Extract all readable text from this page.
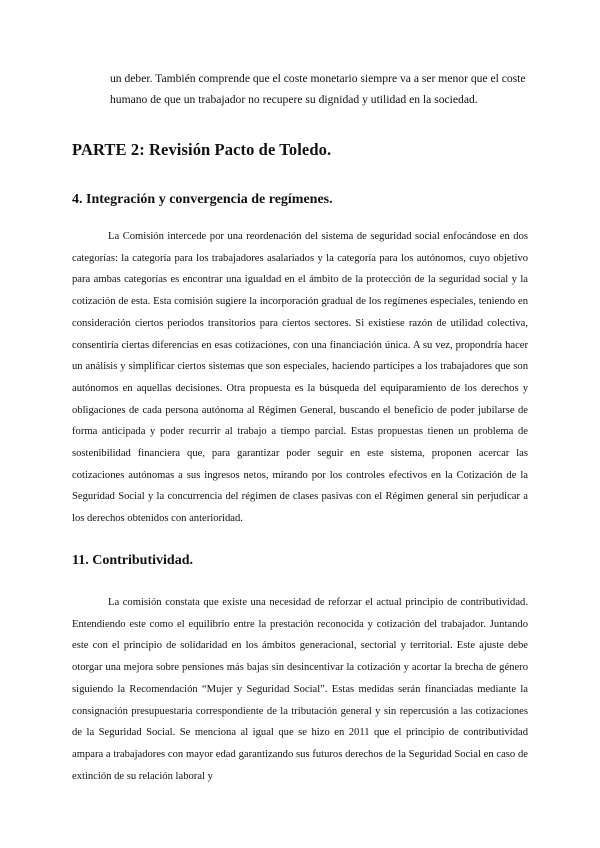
un deber. También comprende que el coste monetario siempre va a ser menor que el coste humano de que un trabajador no recupere su dignidad y utilidad en la sociedad.

PARTE 2: Revisión Pacto de Toledo.
4. Integración y convergencia de regímenes.

La Comisión intercede por una reordenación del sistema de seguridad social enfocándose en dos categorías: la categoría para los trabajadores asalariados y la categoría para los autónomos, cuyo objetivo para ambas categorías es encontrar una igualdad en el ámbito de la protección de la seguridad social y la cotización de esta. Esta comisión sugiere la incorporación gradual de los regímenes especiales, teniendo en consideración ciertos periodos transitorios para ciertos sectores. Si existiese razón de utilidad colectiva, consentiría ciertas diferencias en esas cotizaciones, con una financiación única. A su vez, propondría hacer un análisis y simplificar ciertos sistemas que son especiales, haciendo partícipes a los trabajadores que son autónomos en aquellas decisiones. Otra propuesta es la búsqueda del equiparamiento de los derechos y obligaciones de cada persona autónoma al Régimen General, buscando el beneficio de poder jubilarse de forma anticipada y poder recurrir al trabajo a tiempo parcial. Estas propuestas tienen un problema de sostenibilidad financiera que, para garantizar poder seguir en este sistema, proponen acercar las cotizaciones autónomas a sus ingresos netos, mirando por los controles efectivos en la Cotización de la Seguridad Social y la concurrencia del régimen de clases pasivas con el Régimen general sin perjudicar a los derechos obtenidos con anterioridad.

11. Contributividad.

La comisión constata que existe una necesidad de reforzar el actual principio de contributividad. Entendiendo este como el equilibrio entre la prestación reconocida y cotización del trabajador. Juntando este con el principio de solidaridad en los ámbitos generacional, sectorial y territorial. Este ajuste debe otorgar una mejora sobre pensiones más bajas sin desincentivar la cotización y acortar la brecha de género siguiendo la Recomendación “Mujer y Seguridad Social”. Estas medidas serán financiadas mediante la consignación presupuestaria correspondiente de la tributación general y sin repercusión a las cotizaciones de la Seguridad Social. Se menciona al igual que se hizo en 2011 que el principio de contributividad ampara a trabajadores con mayor edad garantizando sus futuros derechos de la Seguridad Social en caso de extinción de su relación laboral y
